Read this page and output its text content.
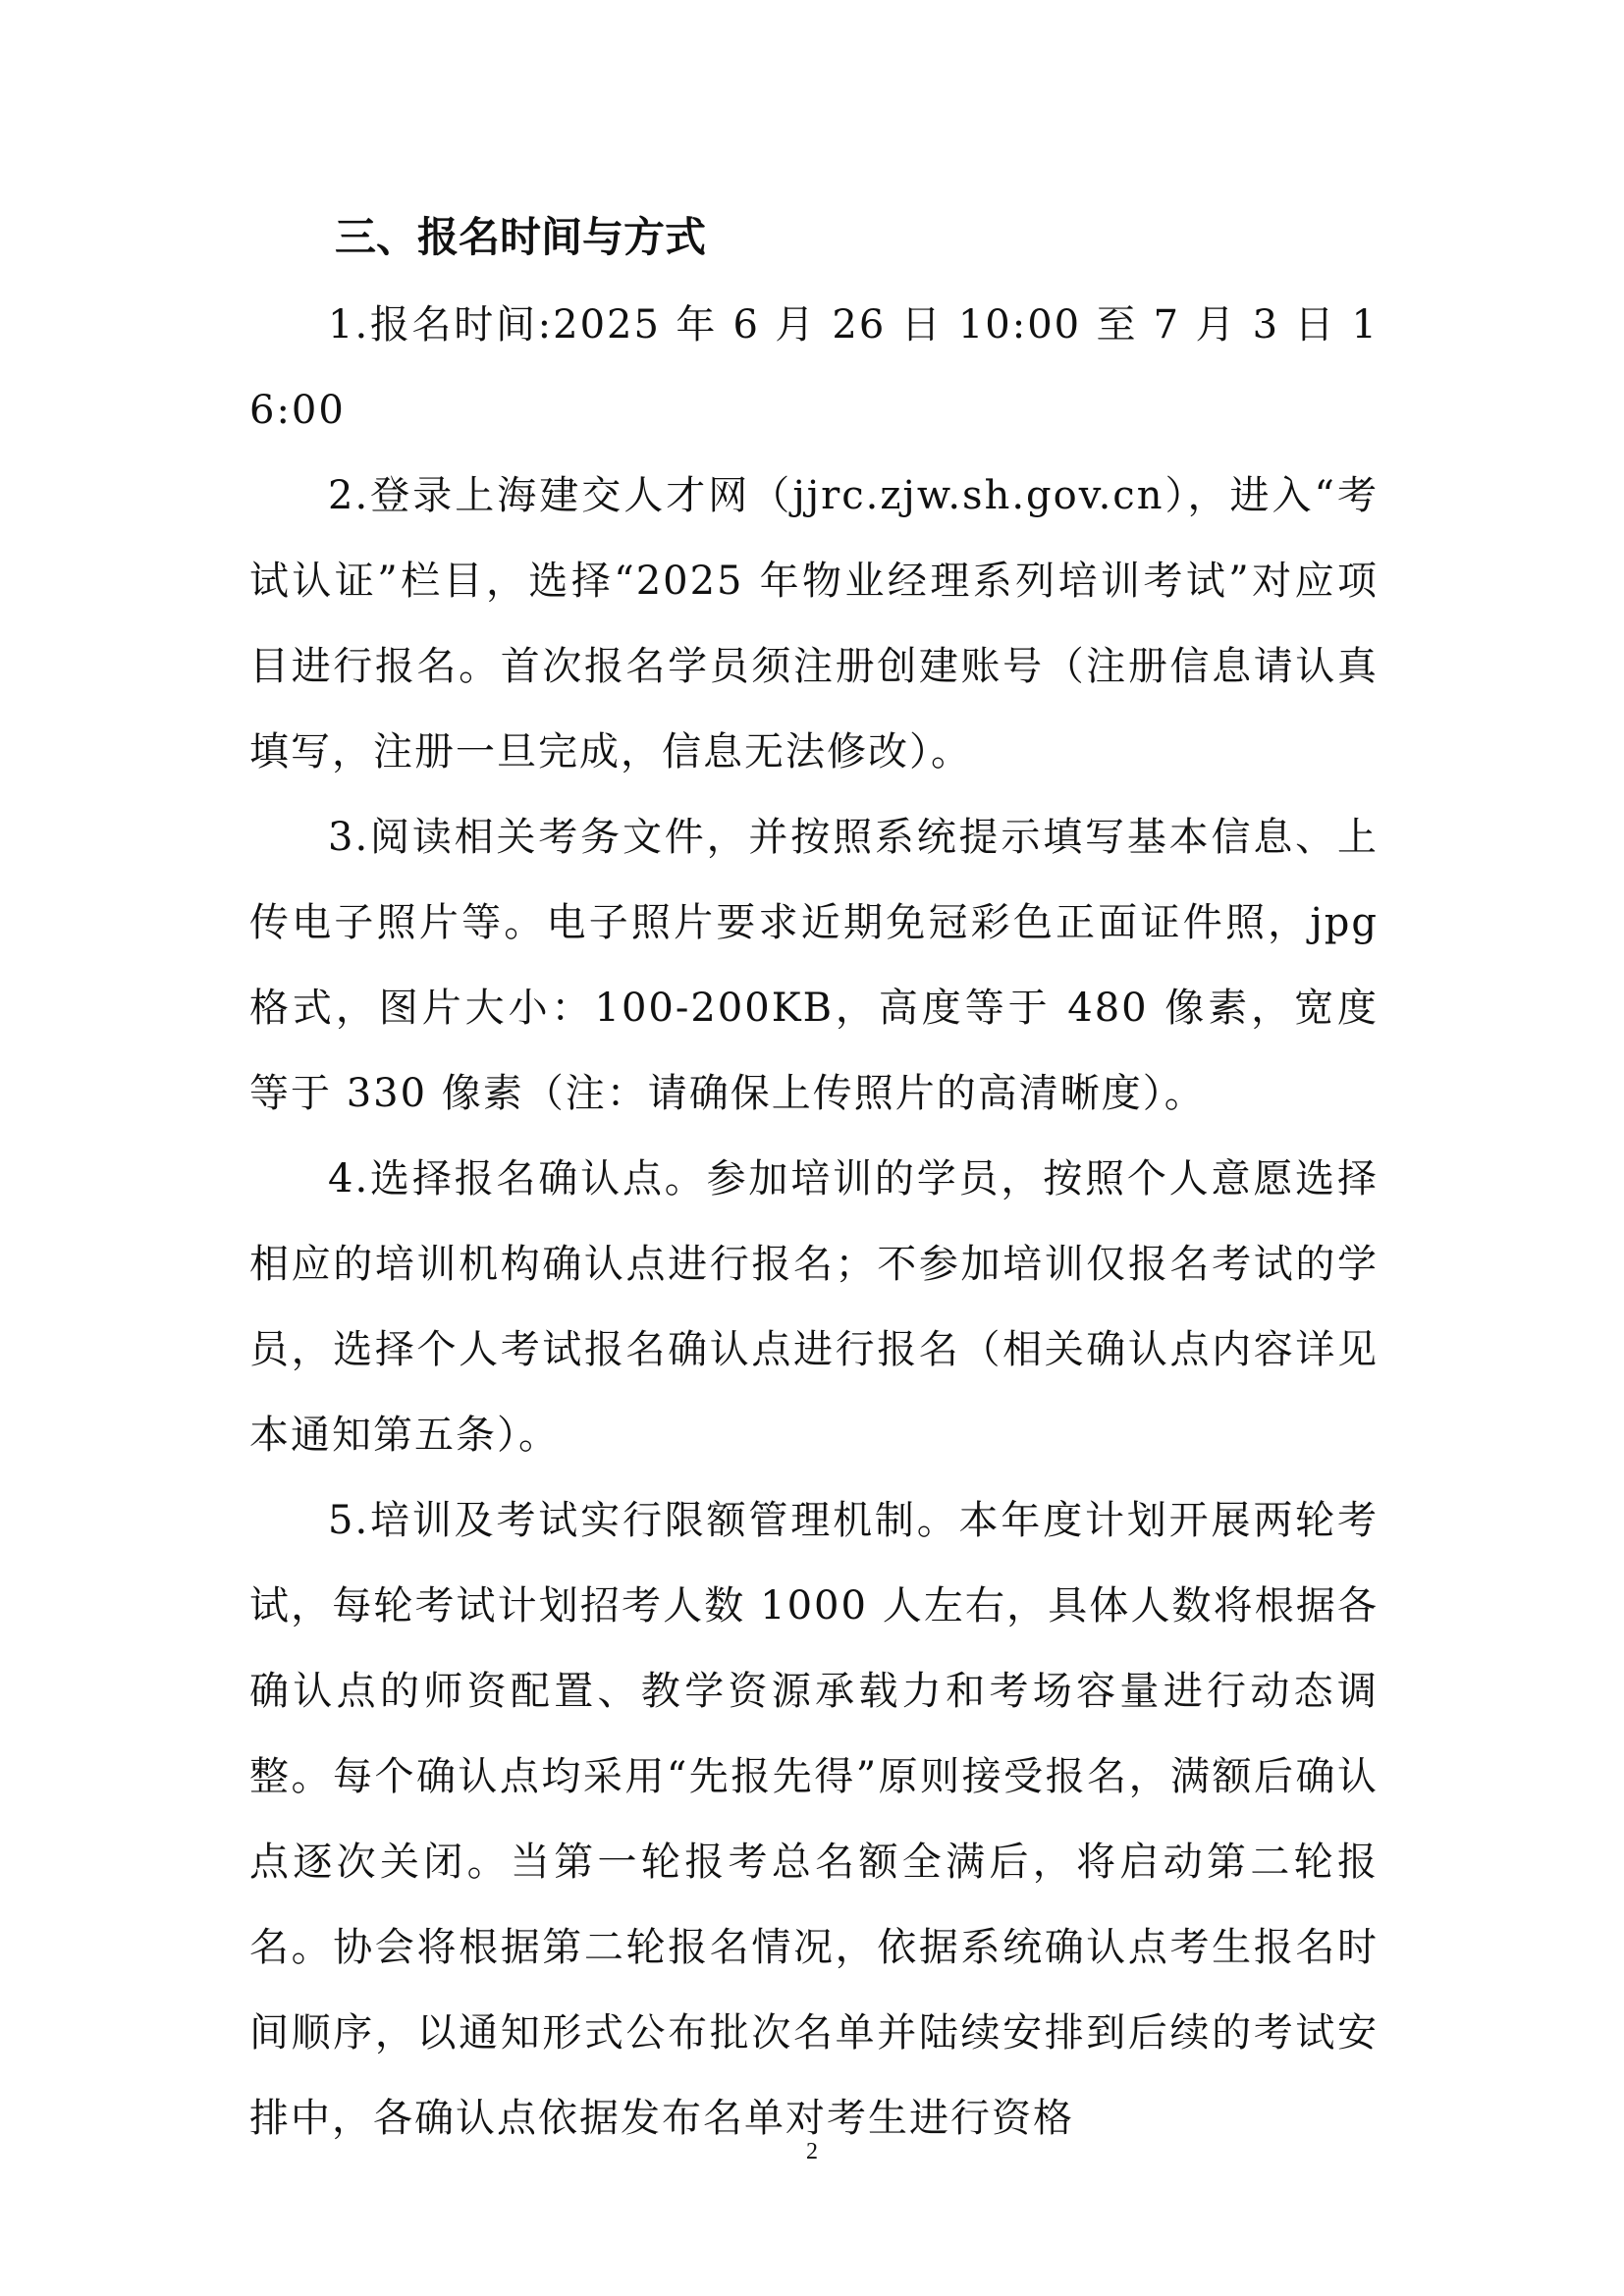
三、报名时间与方式

1.报名时间:2025 年 6 月 26 日 10:00 至 7 月 3 日 16:00

2.登录上海建交人才网（jjrc.zjw.sh.gov.cn），进入“考试认证”栏目，选择“2025 年物业经理系列培训考试”对应项目进行报名。首次报名学员须注册创建账号（注册信息请认真填写，注册一旦完成，信息无法修改）。

3.阅读相关考务文件，并按照系统提示填写基本信息、上传电子照片等。电子照片要求近期免冠彩色正面证件照，jpg 格式，图片大小：100-200KB，高度等于 480 像素，宽度等于 330 像素（注：请确保上传照片的高清晰度）。

4.选择报名确认点。参加培训的学员，按照个人意愿选择相应的培训机构确认点进行报名；不参加培训仅报名考试的学员，选择个人考试报名确认点进行报名（相关确认点内容详见本通知第五条）。

5.培训及考试实行限额管理机制。本年度计划开展两轮考试，每轮考试计划招考人数 1000 人左右，具体人数将根据各确认点的师资配置、教学资源承载力和考场容量进行动态调整。每个确认点均采用“先报先得”原则接受报名，满额后确认点逐次关闭。当第一轮报考总名额全满后，将启动第二轮报名。协会将根据第二轮报名情况，依据系统确认点考生报名时间顺序，以通知形式公布批次名单并陆续安排到后续的考试安排中，各确认点依据发布名单对考生进行资格

2
